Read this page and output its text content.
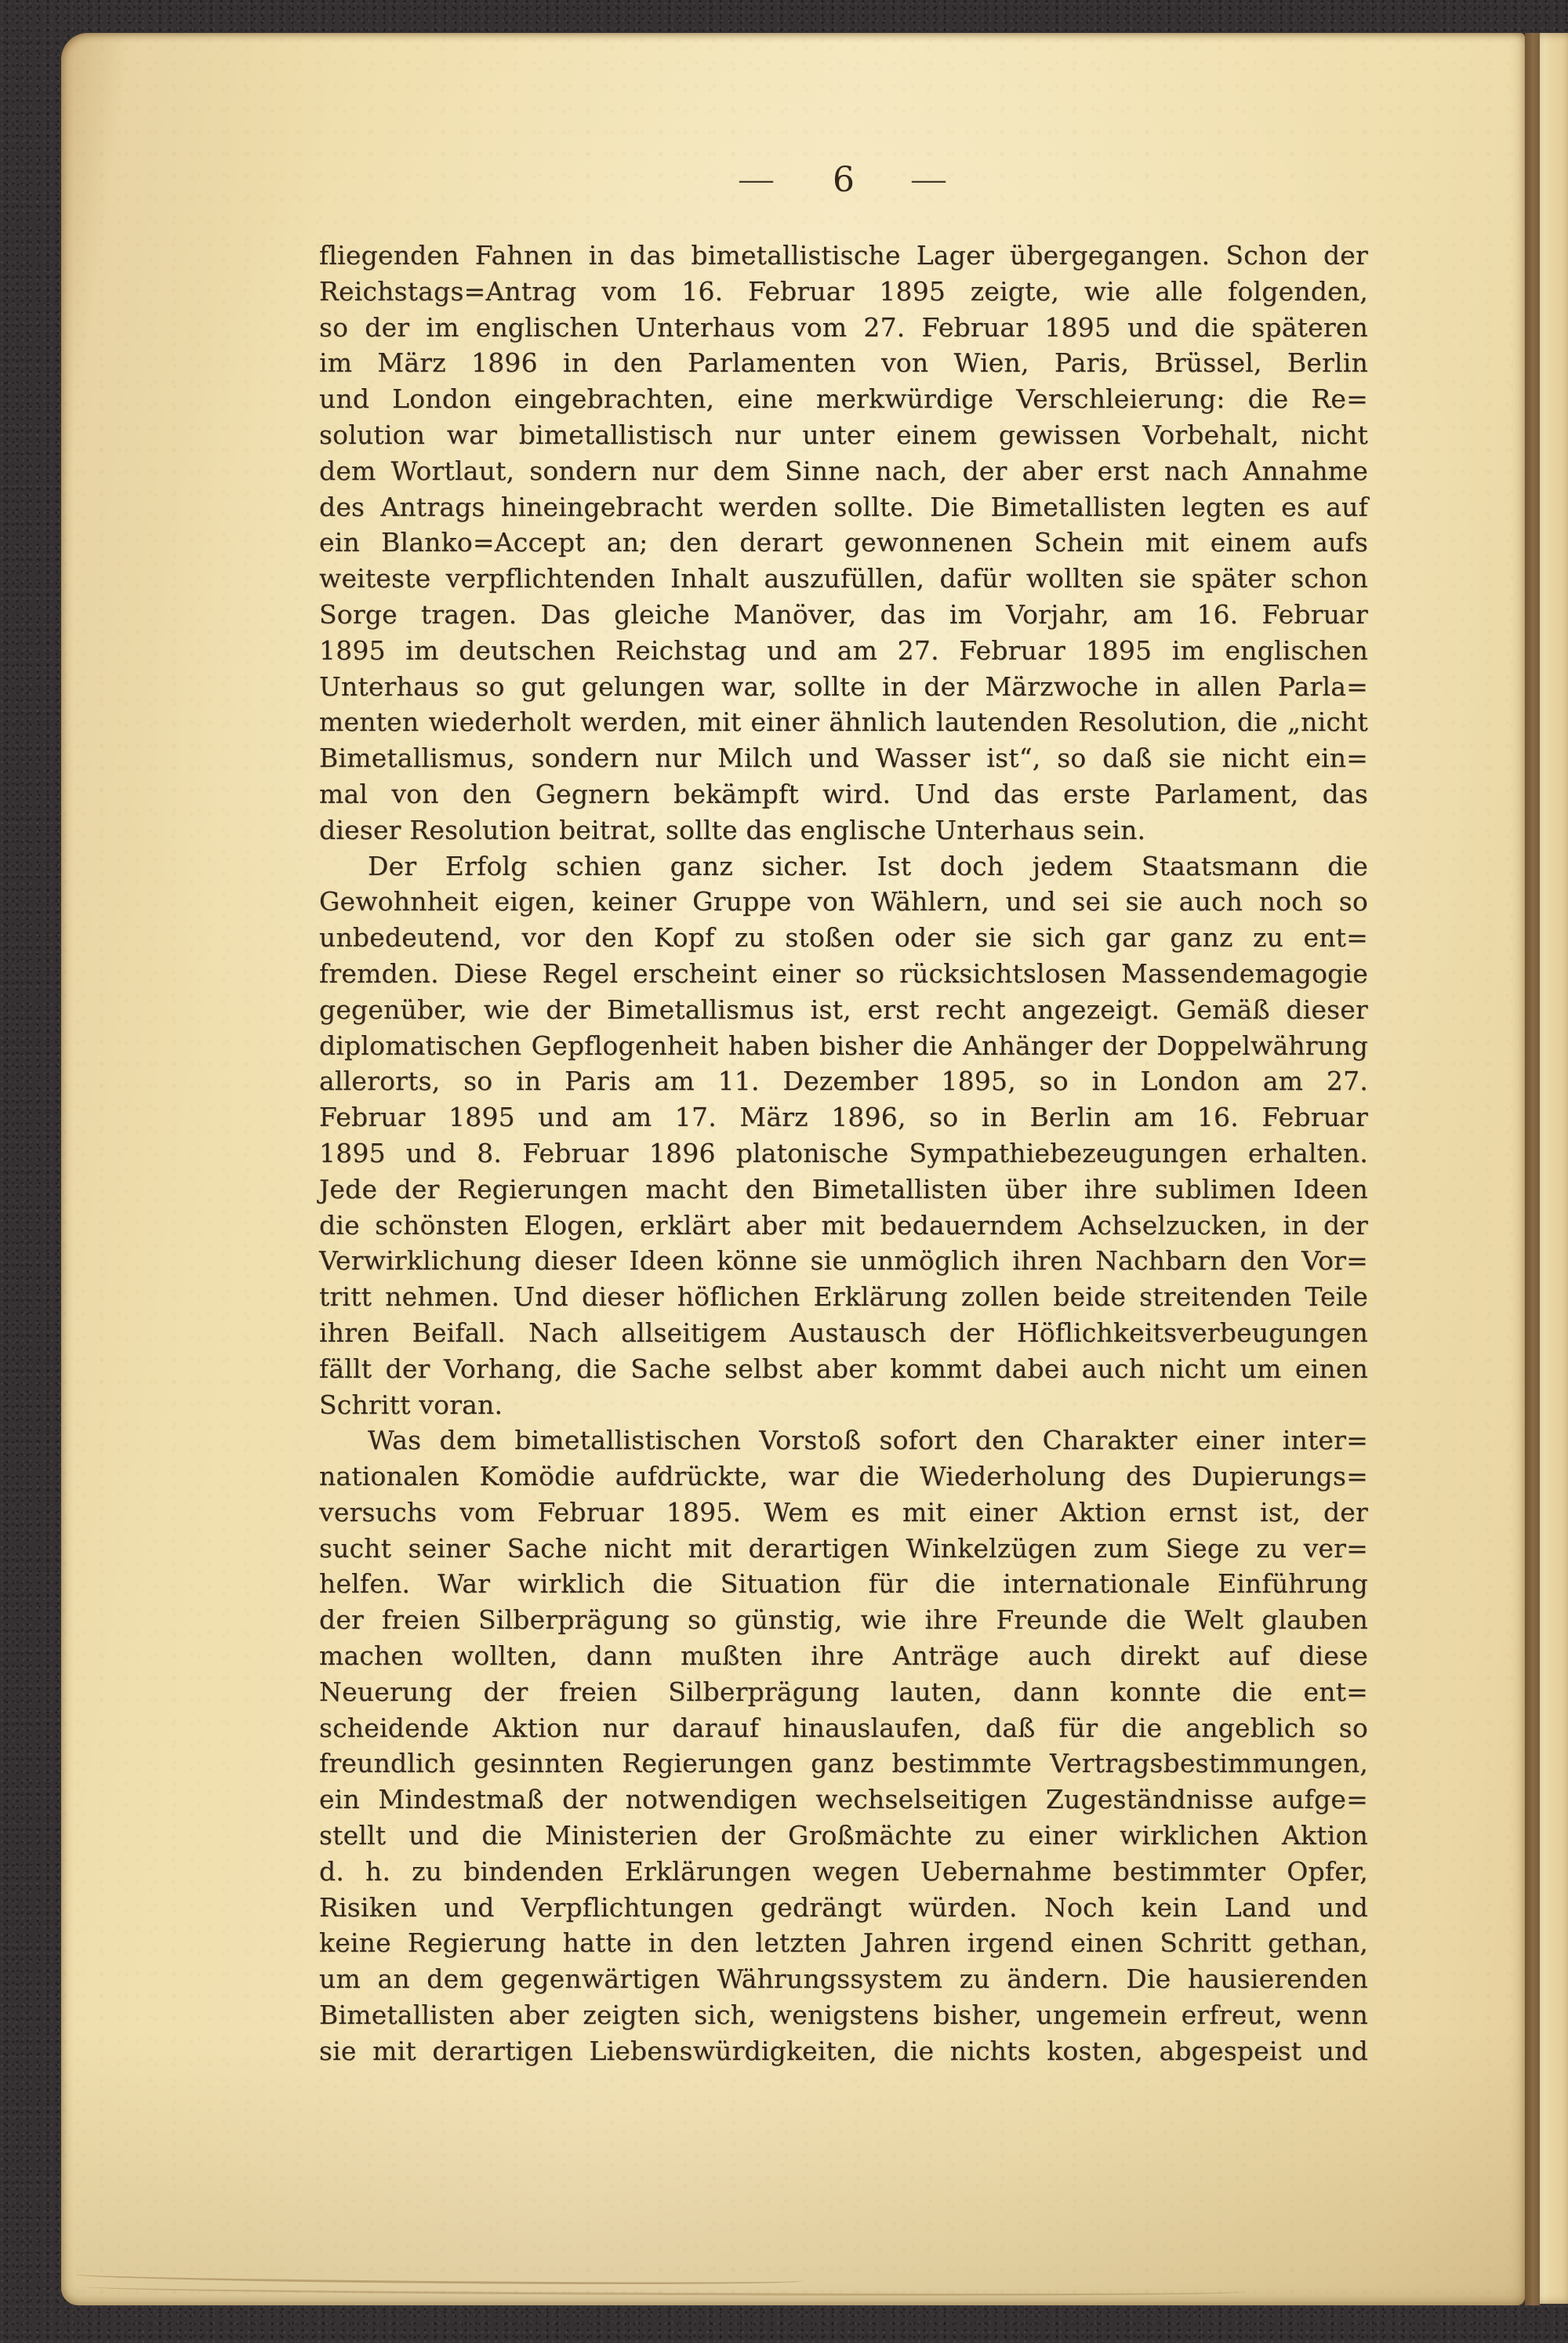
— 6 —
fliegenden Fahnen in das bimetallistische Lager übergegangen. Schon der
Reichstags=Antrag vom 16. Februar 1895 zeigte, wie alle folgenden,
so der im englischen Unterhaus vom 27. Februar 1895 und die späteren
im März 1896 in den Parlamenten von Wien, Paris, Brüssel, Berlin
und London eingebrachten, eine merkwürdige Verschleierung: die Re=
solution war bimetallistisch nur unter einem gewissen Vorbehalt, nicht
dem Wortlaut, sondern nur dem Sinne nach, der aber erst nach Annahme
des Antrags hineingebracht werden sollte. Die Bimetallisten legten es auf
ein Blanko=Accept an; den derart gewonnenen Schein mit einem aufs
weiteste verpflichtenden Inhalt auszufüllen, dafür wollten sie später schon
Sorge tragen. Das gleiche Manöver, das im Vorjahr, am 16. Februar
1895 im deutschen Reichstag und am 27. Februar 1895 im englischen
Unterhaus so gut gelungen war, sollte in der Märzwoche in allen Parla=
menten wiederholt werden, mit einer ähnlich lautenden Resolution, die „nicht
Bimetallismus, sondern nur Milch und Wasser ist“, so daß sie nicht ein=
mal von den Gegnern bekämpft wird. Und das erste Parlament, das
dieser Resolution beitrat, sollte das englische Unterhaus sein.
Der Erfolg schien ganz sicher. Ist doch jedem Staatsmann die
Gewohnheit eigen, keiner Gruppe von Wählern, und sei sie auch noch so
unbedeutend, vor den Kopf zu stoßen oder sie sich gar ganz zu ent=
fremden. Diese Regel erscheint einer so rücksichtslosen Massendemagogie
gegenüber, wie der Bimetallismus ist, erst recht angezeigt. Gemäß dieser
diplomatischen Gepflogenheit haben bisher die Anhänger der Doppelwährung
allerorts, so in Paris am 11. Dezember 1895, so in London am 27.
Februar 1895 und am 17. März 1896, so in Berlin am 16. Februar
1895 und 8. Februar 1896 platonische Sympathiebezeugungen erhalten.
Jede der Regierungen macht den Bimetallisten über ihre sublimen Ideen
die schönsten Elogen, erklärt aber mit bedauerndem Achselzucken, in der
Verwirklichung dieser Ideen könne sie unmöglich ihren Nachbarn den Vor=
tritt nehmen. Und dieser höflichen Erklärung zollen beide streitenden Teile
ihren Beifall. Nach allseitigem Austausch der Höflichkeitsverbeugungen
fällt der Vorhang, die Sache selbst aber kommt dabei auch nicht um einen
Schritt voran.
Was dem bimetallistischen Vorstoß sofort den Charakter einer inter=
nationalen Komödie aufdrückte, war die Wiederholung des Dupierungs=
versuchs vom Februar 1895. Wem es mit einer Aktion ernst ist, der
sucht seiner Sache nicht mit derartigen Winkelzügen zum Siege zu ver=
helfen. War wirklich die Situation für die internationale Einführung
der freien Silberprägung so günstig, wie ihre Freunde die Welt glauben
machen wollten, dann mußten ihre Anträge auch direkt auf diese
Neuerung der freien Silberprägung lauten, dann konnte die ent=
scheidende Aktion nur darauf hinauslaufen, daß für die angeblich so
freundlich gesinnten Regierungen ganz bestimmte Vertragsbestimmungen,
ein Mindestmaß der notwendigen wechselseitigen Zugeständnisse aufge=
stellt und die Ministerien der Großmächte zu einer wirklichen Aktion
d. h. zu bindenden Erklärungen wegen Uebernahme bestimmter Opfer,
Risiken und Verpflichtungen gedrängt würden. Noch kein Land und
keine Regierung hatte in den letzten Jahren irgend einen Schritt gethan,
um an dem gegenwärtigen Währungssystem zu ändern. Die hausierenden
Bimetallisten aber zeigten sich, wenigstens bisher, ungemein erfreut, wenn
sie mit derartigen Liebenswürdigkeiten, die nichts kosten, abgespeist und
